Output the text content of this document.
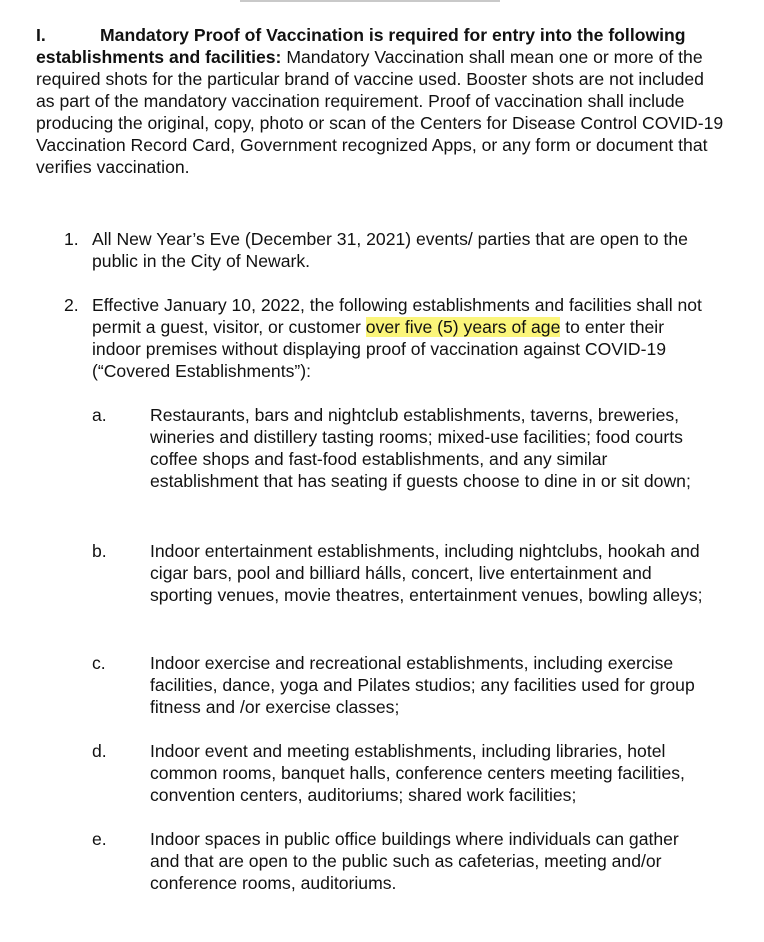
I.	Mandatory Proof of Vaccination is required for entry into the following establishments and facilities: Mandatory Vaccination shall mean one or more of the required shots for the particular brand of vaccine used. Booster shots are not included as part of the mandatory vaccination requirement. Proof of vaccination shall include producing the original, copy, photo or scan of the Centers for Disease Control COVID-19 Vaccination Record Card, Government recognized Apps, or any form or document that verifies vaccination.
1. All New Year’s Eve (December 31, 2021) events/ parties that are open to the public in the City of Newark.
2. Effective January 10, 2022, the following establishments and facilities shall not permit a guest, visitor, or customer over five (5) years of age to enter their indoor premises without displaying proof of vaccination against COVID-19 (“Covered Establishments”):
a.	Restaurants, bars and nightclub establishments, taverns, breweries, wineries and distillery tasting rooms; mixed-use facilities; food courts coffee shops and fast-food establishments, and any similar establishment that has seating if guests choose to dine in or sit down;
b.	Indoor entertainment establishments, including nightclubs, hookah and cigar bars, pool and billiard hálls, concert, live entertainment and sporting venues, movie theatres, entertainment venues, bowling alleys;
c.	Indoor exercise and recreational establishments, including exercise facilities, dance, yoga and Pilates studios; any facilities used for group fitness and /or exercise classes;
d.	Indoor event and meeting establishments, including libraries, hotel common rooms, banquet halls, conference centers meeting facilities, convention centers, auditoriums; shared work facilities;
e.	Indoor spaces in public office buildings where individuals can gather and that are open to the public such as cafeterias, meeting and/or conference rooms, auditoriums.
